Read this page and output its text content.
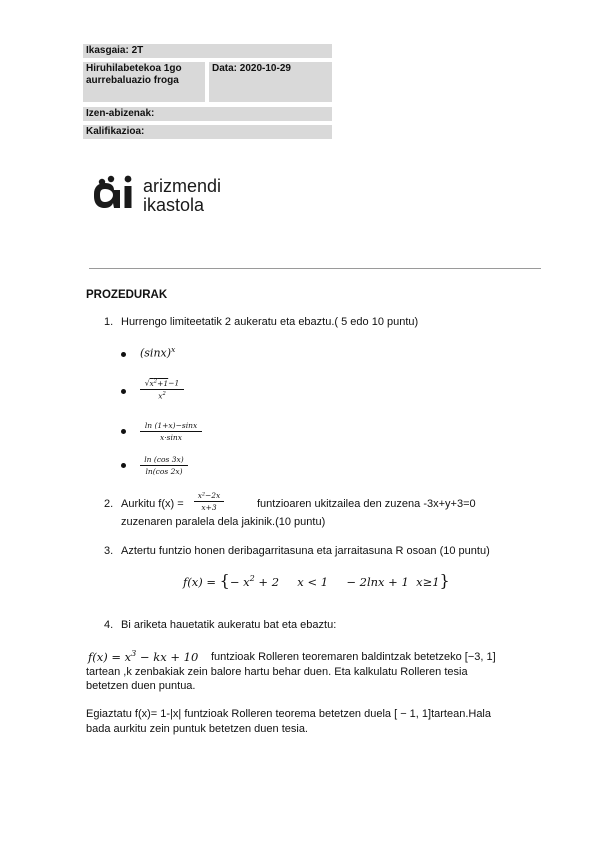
Ikasgaia: 2T
Hiruhilabetekoa 1go aurrebaluazio froga
Data: 2020-10-29
Izen-abizenak:
Kalifikazioa:
arizmendi
ikastola
PROZEDURAK
1. Hurrengo limiteetatik 2 aukeratu eta ebaztu.( 5 edo 10 puntu)
$(\sin x)^x$
$\frac{√x^2+1-1}{x^2}$
$\frac{\ln (1+x)-\sin x}{x\cdot\sin x}$
$\frac{\ln (\cos 3x)}{\ln(\cos 2x)}$
2. Aurkitu $f(x) = \frac{\text{x²−2x}}{x+3}$	funtzioaren ukitzailea den zuzena -3x+y+3=0
zuzenaren paralela dela jakinik.(10 puntu)
3. Aztertu funtzio honen deribagarritasuna eta jarraitasuna R osoan (10 puntu)
f(x) = {− $x^2 + 2$     x < 1     − 2lnx + 1  x≥1}
4. Bi ariketa hauetatik aukeratu bat eta ebaztu:
$f(x) = x^3$ − kx + 10 funtzioak Rolleren teoremaren baldintzak betetzeko [−3, 1]
tartean ,k zenbakiak zein balore hartu behar duen. Eta kalkulatu Rolleren tesia
betetzen duen puntua.
Egiaztatu f(x)= 1-|x| funtzioak Rolleren teorema betetzen duela [ − 1, 1]tartean.Hala
bada aurkitu zein puntuk betetzen duen tesia.
